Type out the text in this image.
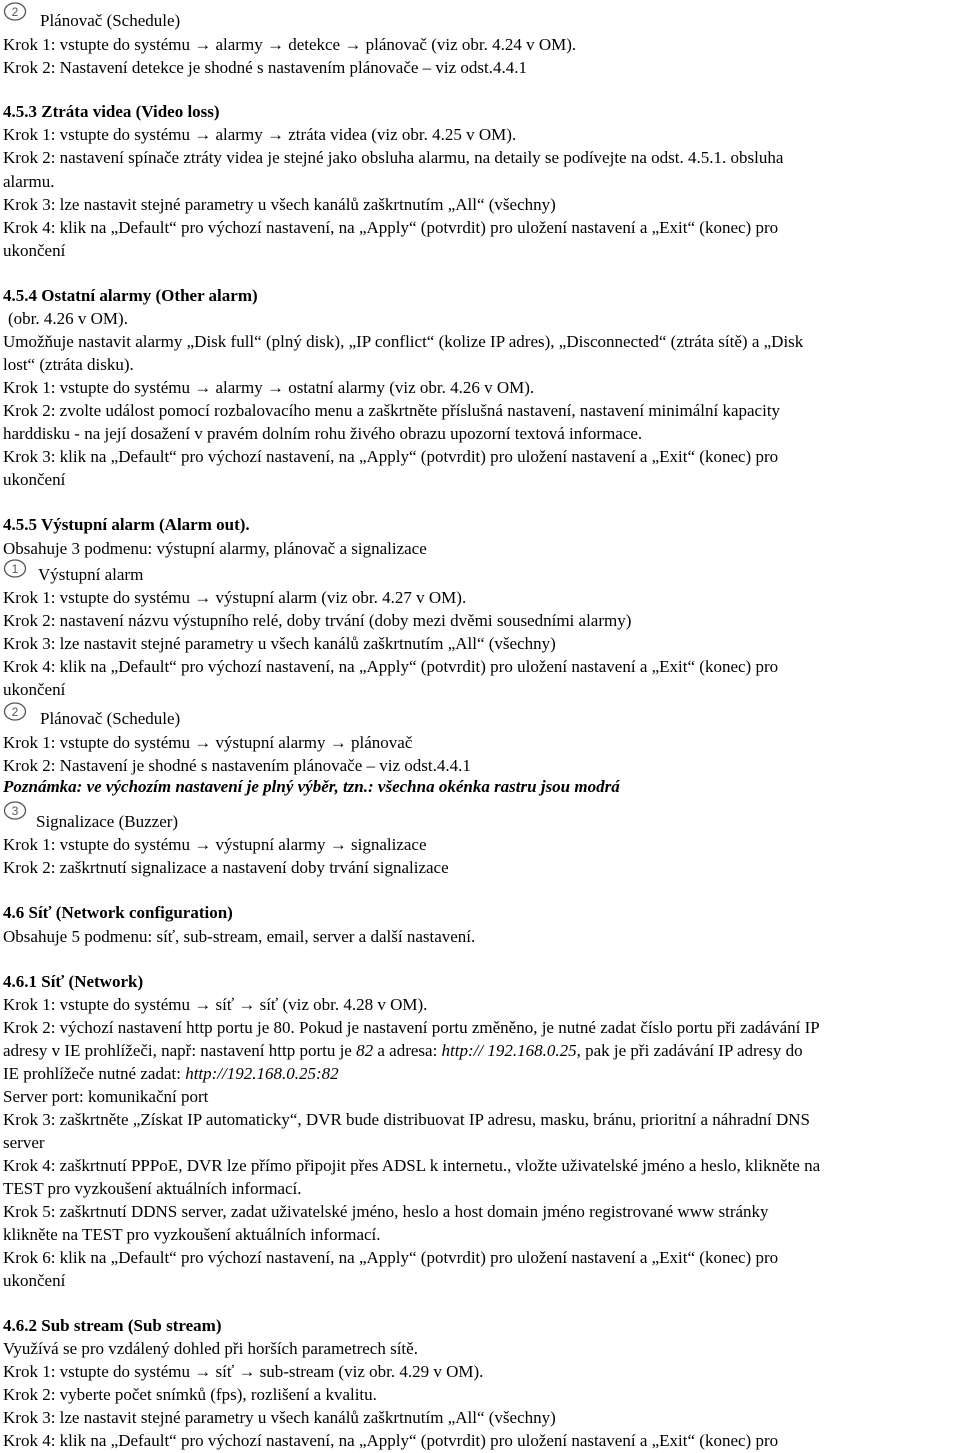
2 Plánovač (Schedule)
Krok 1: vstupte do systému → alarmy → detekce → plánovač (viz obr. 4.24 v OM).
Krok 2: Nastavení detekce je shodné s nastavením plánovače – viz odst.4.4.1
4.5.3 Ztráta videa (Video loss)
Krok 1: vstupte do systému → alarmy → ztráta videa (viz obr. 4.25 v OM).
Krok 2: nastavení spínače ztráty videa je stejné jako obsluha alarmu, na detaily se podívejte na odst. 4.5.1. obsluha
alarmu.
Krok 3: lze nastavit stejné parametry u všech kanálů zaškrtnutím „All“ (všechny)
Krok 4: klik na „Default“ pro výchozí nastavení, na „Apply“ (potvrdit) pro uložení nastavení a „Exit“ (konec) pro
ukončení
4.5.4 Ostatní alarmy (Other alarm)
(obr. 4.26 v OM).
Umožňuje nastavit alarmy „Disk full“ (plný disk), „IP conflict“ (kolize IP adres), „Disconnected“ (ztráta sítě) a „Disk
lost“ (ztráta disku).
Krok 1: vstupte do systému → alarmy → ostatní alarmy (viz obr. 4.26 v OM).
Krok 2: zvolte událost pomocí rozbalovacího menu a zaškrtněte příslušná nastavení, nastavení minimální kapacity
harddisku - na její dosažení v pravém dolním rohu živého obrazu upozorní textová informace.
Krok 3: klik na „Default“ pro výchozí nastavení, na „Apply“ (potvrdit) pro uložení nastavení a „Exit“ (konec) pro
ukončení
4.5.5 Výstupní alarm (Alarm out).
Obsahuje 3 podmenu: výstupní alarmy, plánovač a signalizace
1 Výstupní alarm
Krok 1: vstupte do systému → výstupní alarm (viz obr. 4.27 v OM).
Krok 2: nastavení názvu výstupního relé, doby trvání (doby mezi dvěmi sousedními alarmy)
Krok 3: lze nastavit stejné parametry u všech kanálů zaškrtnutím „All“ (všechny)
Krok 4: klik na „Default“ pro výchozí nastavení, na „Apply“ (potvrdit) pro uložení nastavení a „Exit“ (konec) pro
ukončení
2 Plánovač (Schedule)
Krok 1: vstupte do systému → výstupní alarmy → plánovač
Krok 2: Nastavení je shodné s nastavením plánovače – viz odst.4.4.1
Poznámka: ve výchozím nastavení je plný výběr, tzn.: všechna okénka rastru jsou modrá
3
Signalizace (Buzzer)
Krok 1: vstupte do systému → výstupní alarmy → signalizace
Krok 2: zaškrtnutí signalizace a nastavení doby trvání signalizace
4.6 Síť (Network configuration)
Obsahuje 5 podmenu: síť, sub-stream, email, server a další nastavení.
4.6.1 Síť (Network)
Krok 1: vstupte do systému → síť → síť (viz obr. 4.28 v OM).
Krok 2: výchozí nastavení http portu je 80. Pokud je nastavení portu změněno, je nutné zadat číslo portu při zadávání IP
adresy v IE prohlížeči, např: nastavení http portu je 82 a adresa: http:// 192.168.0.25, pak je při zadávání IP adresy do
IE prohlížeče nutné zadat: http://192.168.0.25:82
Server port: komunikační port
Krok 3: zaškrtněte „Získat IP automaticky“, DVR bude distribuovat IP adresu, masku, bránu, prioritní a náhradní DNS
server
Krok 4: zaškrtnutí PPPoE, DVR lze přímo připojit přes ADSL k internetu., vložte uživatelské jméno a heslo, klikněte na
TEST pro vyzkoušení aktuálních informací.
Krok 5: zaškrtnutí DDNS server, zadat uživatelské jméno, heslo a host domain jméno registrované www stránky
klikněte na TEST pro vyzkoušení aktuálních informací.
Krok 6: klik na „Default“ pro výchozí nastavení, na „Apply“ (potvrdit) pro uložení nastavení a „Exit“ (konec) pro
ukončení
4.6.2 Sub stream (Sub stream)
Využívá se pro vzdálený dohled při horších parametrech sítě.
Krok 1: vstupte do systému → síť → sub-stream (viz obr. 4.29 v OM).
Krok 2: vyberte počet snímků (fps), rozlišení a kvalitu.
Krok 3: lze nastavit stejné parametry u všech kanálů zaškrtnutím „All“ (všechny)
Krok 4: klik na „Default“ pro výchozí nastavení, na „Apply“ (potvrdit) pro uložení nastavení a „Exit“ (konec) pro
